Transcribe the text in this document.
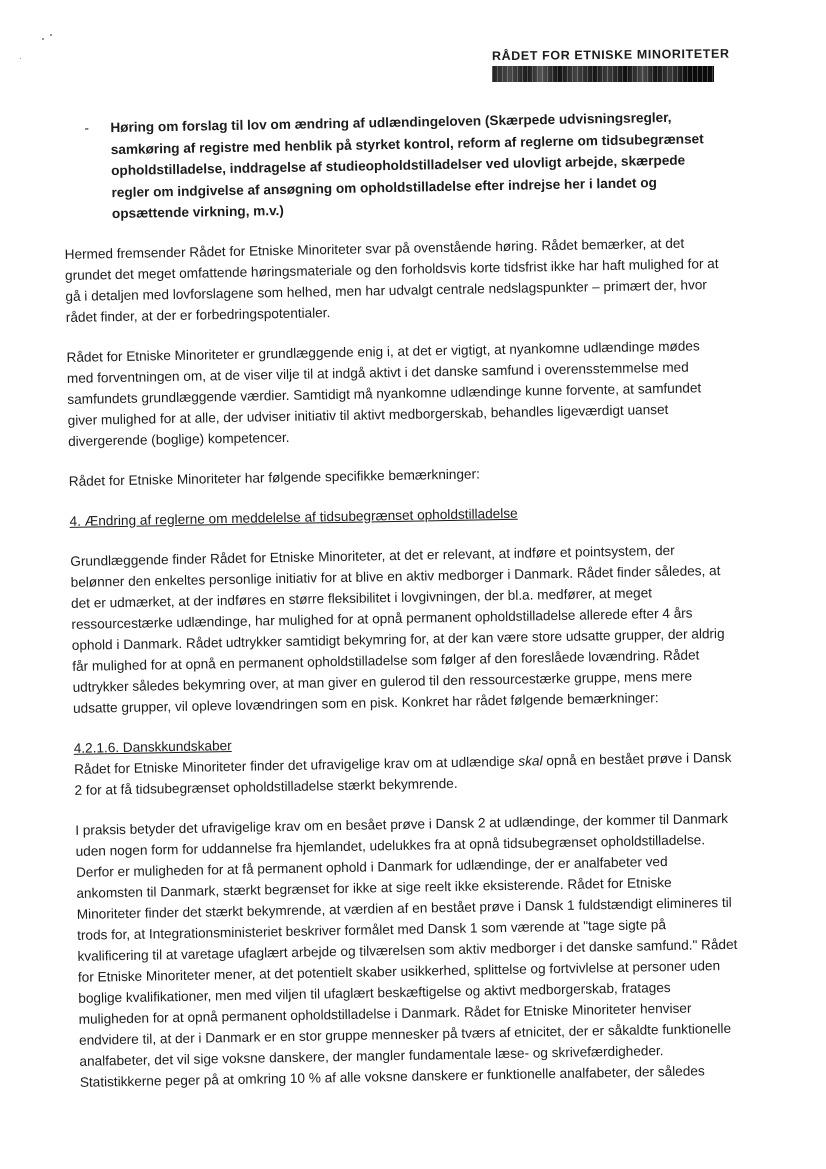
RÅDET FOR ETNISKE MINORITETER
- Høring om forslag til lov om ændring af udlændingeloven (Skærpede udvisningsregler, samkøring af registre med henblik på styrket kontrol, reform af reglerne om tidsubegrænset opholdstilladelse, inddragelse af studieopholdstilladelser ved ulovligt arbejde, skærpede regler om indgivelse af ansøgning om opholdstilladelse efter indrejse her i landet og opsættende virkning, m.v.)

Hermed fremsender Rådet for Etniske Minoriteter svar på ovenstående høring. Rådet bemærker, at det grundet det meget omfattende høringsmateriale og den forholdsvis korte tidsfrist ikke har haft mulighed for at gå i detaljen med lovforslagene som helhed, men har udvalgt centrale nedslagspunkter – primært der, hvor rådet finder, at der er forbedringspotentialer.

Rådet for Etniske Minoriteter er grundlæggende enig i, at det er vigtigt, at nyankomne udlændinge mødes med forventningen om, at de viser vilje til at indgå aktivt i det danske samfund i overensstemmelse med samfundets grundlæggende værdier. Samtidigt må nyankomne udlændinge kunne forvente, at samfundet giver mulighed for at alle, der udviser initiativ til aktivt medborgerskab, behandles ligeværdigt uanset divergerende (boglige) kompetencer.

Rådet for Etniske Minoriteter har følgende specifikke bemærkninger:

4. Ændring af reglerne om meddelelse af tidsubegrænset opholdstilladelse

Grundlæggende finder Rådet for Etniske Minoriteter, at det er relevant, at indføre et pointsystem, der belønner den enkeltes personlige initiativ for at blive en aktiv medborger i Danmark. Rådet finder således, at det er udmærket, at der indføres en større fleksibilitet i lovgivningen, der bl.a. medfører, at meget ressourcestærke udlændinge, har mulighed for at opnå permanent opholdstilladelse allerede efter 4 års ophold i Danmark. Rådet udtrykker samtidigt bekymring for, at der kan være store udsatte grupper, der aldrig får mulighed for at opnå en permanent opholdstilladelse som følger af den foreslåede lovændring. Rådet udtrykker således bekymring over, at man giver en gulerod til den ressourcestærke gruppe, mens mere udsatte grupper, vil opleve lovændringen som en pisk. Konkret har rådet følgende bemærkninger:

4.2.1.6. Danskkundskaber

Rådet for Etniske Minoriteter finder det ufravigelige krav om at udlændige skal opnå en bestået prøve i Dansk 2 for at få tidsubegrænset opholdstilladelse stærkt bekymrende.

I praksis betyder det ufravigelige krav om en besået prøve i Dansk 2 at udlændinge, der kommer til Danmark uden nogen form for uddannelse fra hjemlandet, udelukkes fra at opnå tidsubegrænset opholdstilladelse. Derfor er muligheden for at få permanent ophold i Danmark for udlændinge, der er analfabeter ved ankomsten til Danmark, stærkt begrænset for ikke at sige reelt ikke eksisterende. Rådet for Etniske Minoriteter finder det stærkt bekymrende, at værdien af en bestået prøve i Dansk 1 fuldstændigt elimineres til trods for, at Integrationsministeriet beskriver formålet med Dansk 1 som værende at "tage sigte på kvalificering til at varetage ufaglært arbejde og tilværelsen som aktiv medborger i det danske samfund." Rådet for Etniske Minoriteter mener, at det potentielt skaber usikkerhed, splittelse og fortvivlelse at personer uden boglige kvalifikationer, men med viljen til ufaglært beskæftigelse og aktivt medborgerskab, fratages muligheden for at opnå permanent opholdstilladelse i Danmark. Rådet for Etniske Minoriteter henviser endvidere til, at der i Danmark er en stor gruppe mennesker på tværs af etnicitet, der er såkaldte funktionelle analfabeter, det vil sige voksne danskere, der mangler fundamentale læse- og skrivefærdigheder. Statistikkerne peger på at omkring 10 % af alle voksne danskere er funktionelle analfabeter, der således
